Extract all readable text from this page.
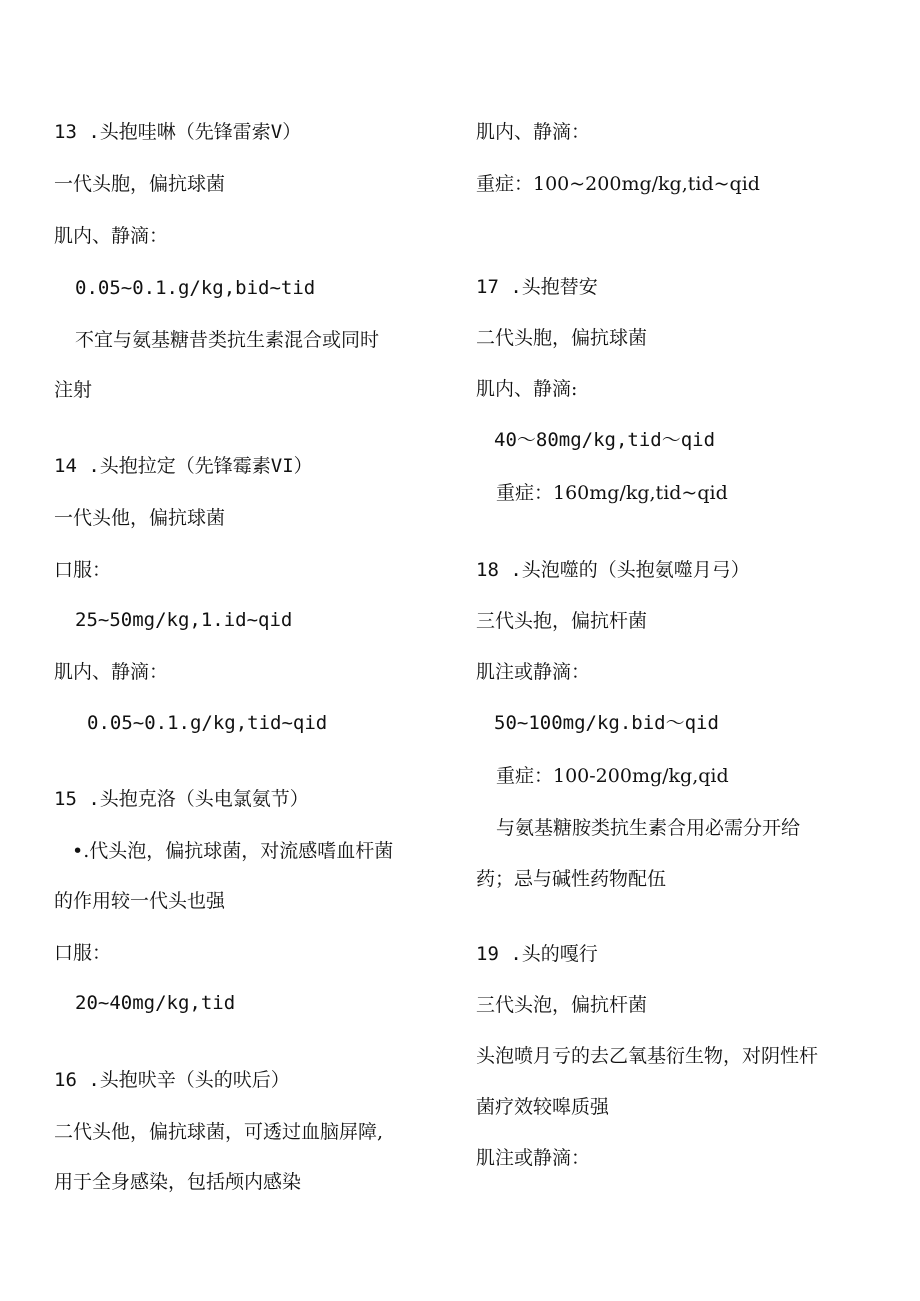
13 .头抱哇啉（先锋雷索V）
一代头胞，偏抗球菌
肌内、静滴：
0.05~0.1.g/kg,bid~tid
不宜与氨基糖昔类抗生素混合或同时
注射
14 .头抱拉定（先锋霉素VI）
一代头他，偏抗球菌
口服：
25~50mg/kg,1.id~qid
肌内、静滴：
0.05~0.1.g/kg,tid~qid
15 .头抱克洛（头电氯氨节）
•.代头泡，偏抗球菌，对流感嗜血杆菌
的作用较一代头也强
口服：
20~40mg/kg,tid
16 .头抱吠辛（头的吠后）
二代头他，偏抗球菌，可透过血脑屏障,
用于全身感染，包括颅内感染
肌内、静滴：
重症：100~200mg/kg,tid~qid
17 .头抱替安
二代头胞，偏抗球菌
肌内、静滴:
40～80mg/kg,tid～qid
重症：160mg/kg,tid~qid
18 .头泡噬的（头抱氨噬月弓）
三代头抱，偏抗杆菌
肌注或静滴：
50~100mg/kg.bid～qid
重症：100-200mg/kg,qid
与氨基糖胺类抗生素合用必需分开给
药；忌与碱性药物配伍
19 .头的嘎行
三代头泡，偏抗杆菌
头泡喷月亏的去乙氧基衍生物，对阴性杆
菌疗效较嗥质强
肌注或静滴：
